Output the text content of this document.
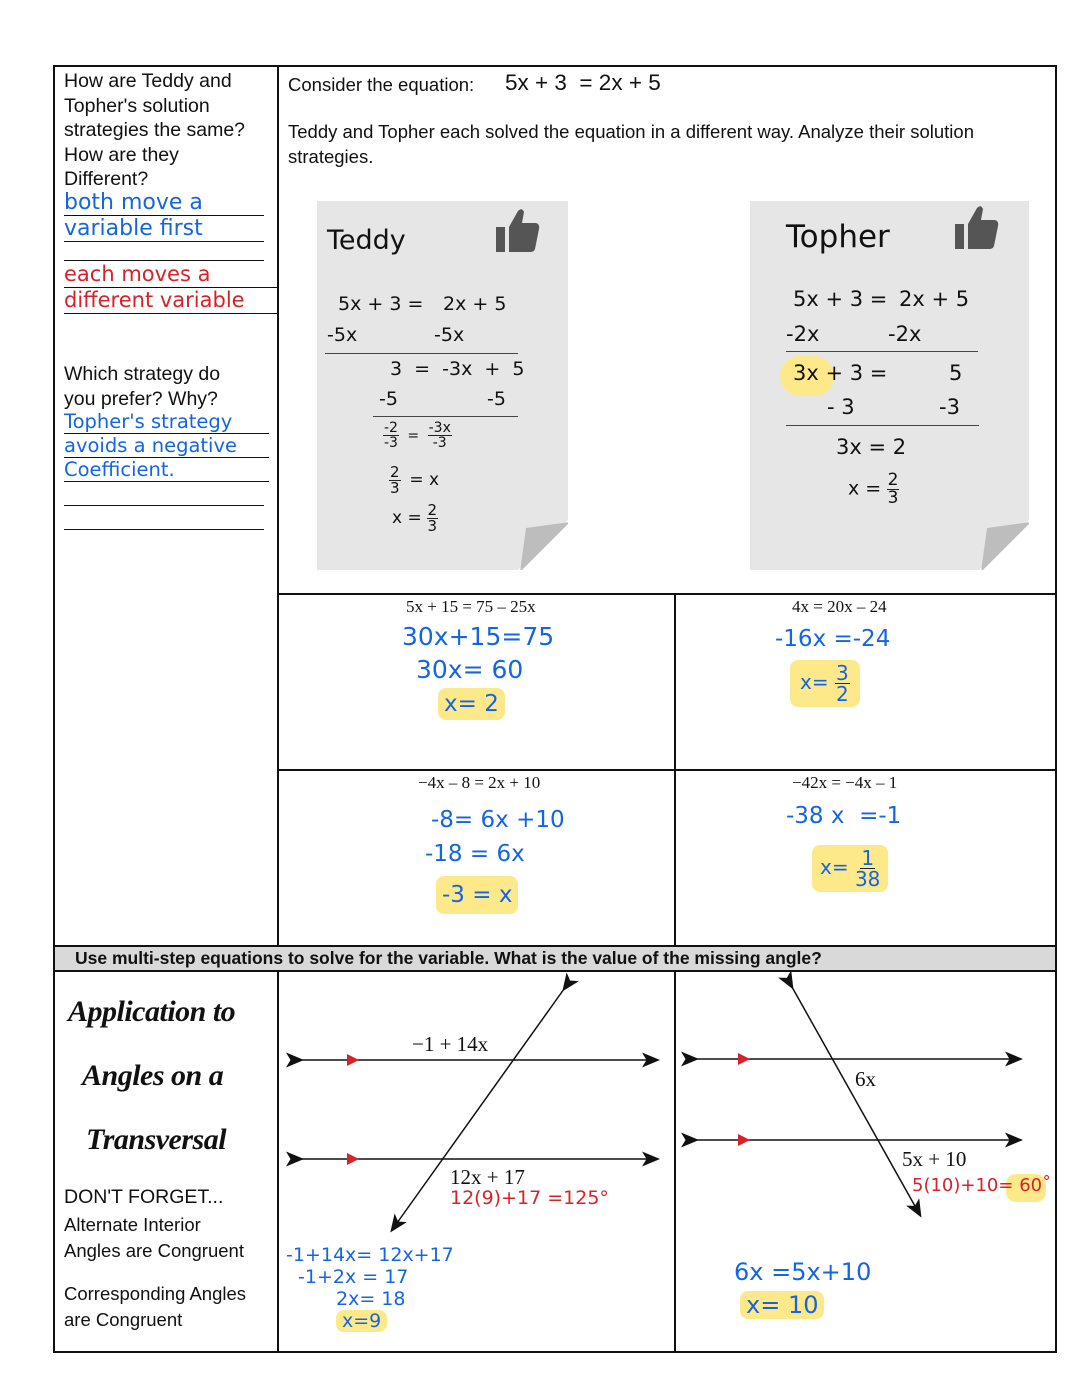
How are Teddy and
Topher's solution
strategies the same?
How are they
Different?
both move a
variable first
each moves a
different variable
Which strategy do
you prefer? Why?
Topher's strategy
avoids a negative
Coefficient.
Application to
Angles on a
Transversal
DON'T FORGET...
Alternate Interior
Angles are Congruent
Corresponding Angles
are Congruent
Consider the equation: 5x + 3  = 2x + 5
Teddy and Topher each solved the equation in a different way. Analyze their solution
strategies.
Teddy
5x + 3 = 2x + 5
-5x	-5x
3  =  -3x  +  5
-5	-5
$\frac{-2}{-3} = \frac{-3x}{-3}$
$\frac{2}{3} = x$
$x = \frac{2}{3}$
Topher
5x + 3 = 2x + 5
-2x	-2x
3x + 3 =	5
- 3	-3
3x = 2
$x = \frac{2}{3}$
5x + 15 = 75 – 25x
30x+15=75
30x= 60
x= 2
4x = 20x – 24
-16x =-24
$x= \frac{3}{2}$
−4x – 8 = 2x + 10
-8= 6x +10
-18 = 6x
-3 = x
−42x = −4x – 1
-38 x  =-1
$x= \frac{1}{38}$
Use multi-step equations to solve for the variable. What is the value of the missing angle?
−1 + 14x
12x + 17
12(9)+17 =125°
-1+14x= 12x+17
-1+2x = 17
2x= 18
x=9
6x
5x + 10
5(10)+10= 60˚
6x =5x+10
x= 10
